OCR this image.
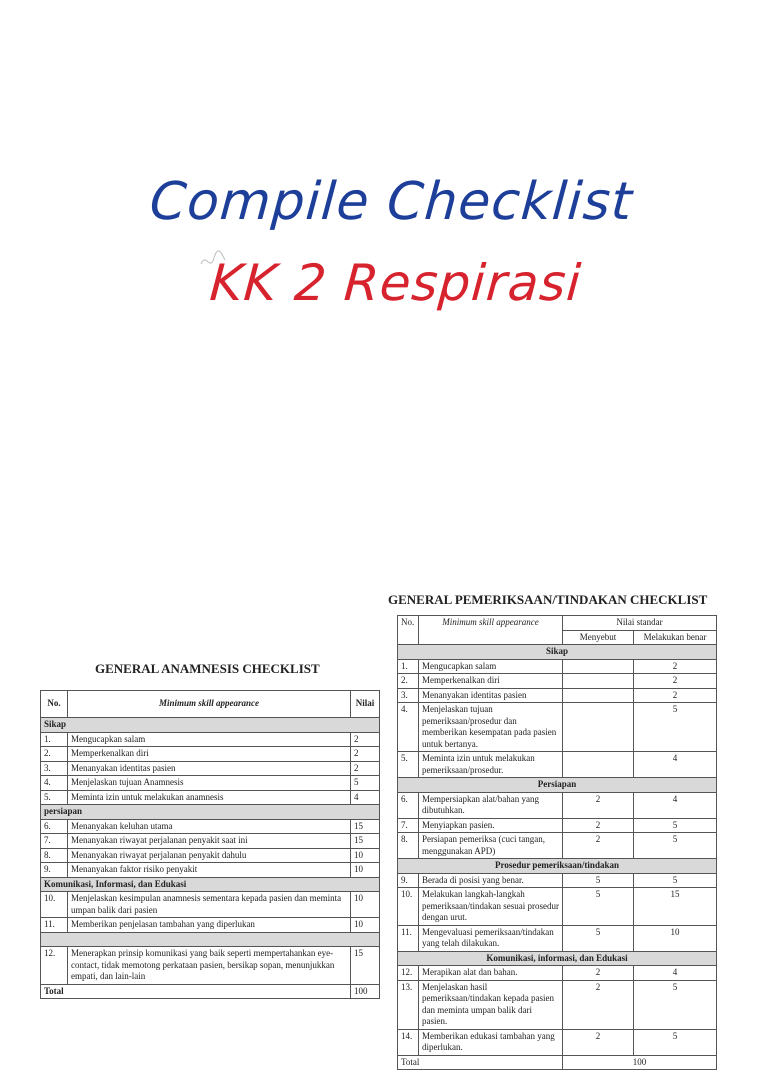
Compile Checklist
KK 2 Respirasi
GENERAL ANAMNESIS CHECKLIST
No.	Minimum skill appearance	Nilai
Sikap		
1.	Mengucapkan salam	2
2.	Memperkenalkan diri	2
3.	Menanyakan identitas pasien	2
4.	Menjelaskan tujuan Anamnesis	5
5.	Meminta izin untuk melakukan anamnesis	4
persiapan		
6.	Menanyakan keluhan utama	15
7.	Menanyakan riwayat perjalanan penyakit saat ini	15
8.	Menanyakan riwayat perjalanan penyakit dahulu	10
9.	Menanyakan faktor risiko penyakit	10
Komunikasi, Informasi, dan Edukasi		
10.	Menjelaskan kesimpulan anamnesis sementara kepada pasien dan meminta umpan balik dari pasien	10
11.	Memberikan penjelasan tambahan yang diperlukan	10

12.	Menerapkan prinsip komunikasi yang baik seperti mempertahankan eye-contact, tidak memotong perkataan pasien, bersikap sopan, menunjukkan empati, dan lain-lain	15
Total		100
GENERAL PEMERIKSAAN/TINDAKAN CHECKLIST
No.	Minimum skill appearance	Nilai standar	
		Menyebut	Melakukan benar
Sikap			
1.	Mengucapkan salam		2
2.	Memperkenalkan diri		2
3.	Menanyakan identitas pasien		2
4.	Menjelaskan tujuan pemeriksaan/prosedur dan memberikan kesempatan pada pasien untuk bertanya.		5
5.	Meminta izin untuk melakukan pemeriksaan/prosedur.		4
Persiapan			
6.	Mempersiapkan alat/bahan yang dibutuhkan.	2	4
7.	Menyiapkan pasien.	2	5
8.	Persiapan pemeriksa (cuci tangan, menggunakan APD)	2	5
Prosedur pemeriksaan/tindakan			
9.	Berada di posisi yang benar.	5	5
10.	Melakukan langkah-langkah pemeriksaan/tindakan sesuai prosedur dengan urut.	5	15
11.	Mengevaluasi pemeriksaan/tindakan yang telah dilakukan.	5	10
Komunikasi, informasi, dan Edukasi			
12.	Merapikan alat dan bahan.	2	4
13.	Menjelaskan hasil pemeriksaan/tindakan kepada pasien dan meminta umpan balik dari pasien.	2	5
14.	Memberikan edukasi tambahan yang diperlukan.	2	5
Total		100	
